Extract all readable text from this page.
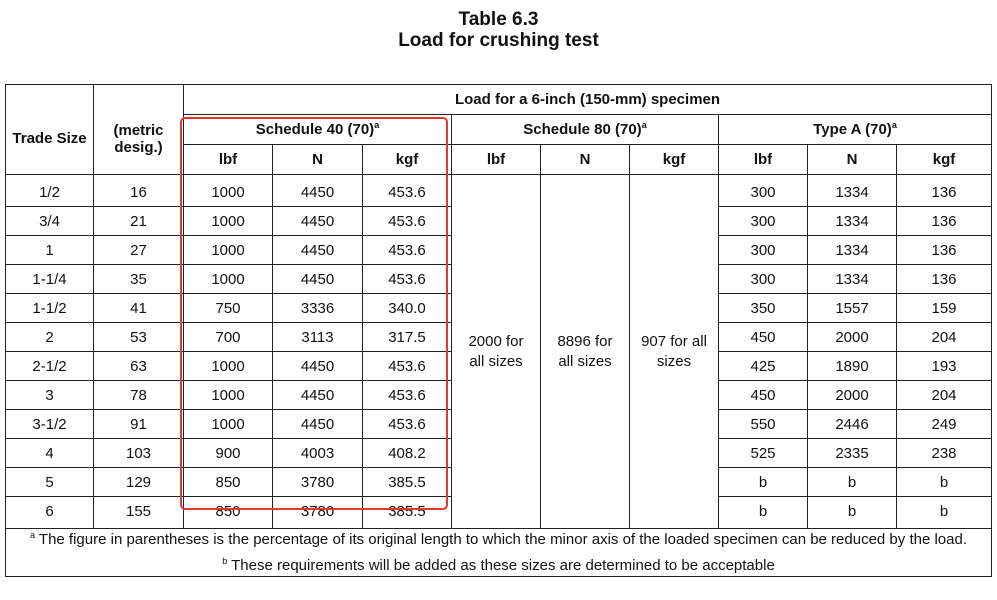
Table 6.3
Load for crushing test
Trade Size	(metric desig.)	Load for a 6-inch (150-mm) specimen								
		Schedule 40 $(70)^a$			Schedule 80 $(70)^a$			Type A $(70)^a$
		lbf	N	kgf	lbf	N	kgf	lbf	N	kgf
1/2	16	1000	4450	453.6	2000 for all sizes	8896 for all sizes	907 for all sizes	300	1334	136
3/4	21	1000	4450	453.6				300	1334	136
1	27	1000	4450	453.6				300	1334	136
1-1/4	35	1000	4450	453.6				300	1334	136
1-1/2	41	750	3336	340.0				350	1557	159
2	53	700	3113	317.5				450	2000	204
2-1/2	63	1000	4450	453.6				425	1890	193
3	78	1000	4450	453.6				450	2000	204
3-1/2	91	1000	4450	453.6				550	2446	249
4	103	900	4003	408.2				525	2335	238
5	129	850	3780	385.5				b	b	b
6	155	850	3780	385.5				b	b	b

$^a$ The figure in parentheses is the percentage of its original length to which the minor axis of the loaded specimen can be reduced by the load.
$^b$ These requirements will be added as these sizes are determined to be acceptable										
